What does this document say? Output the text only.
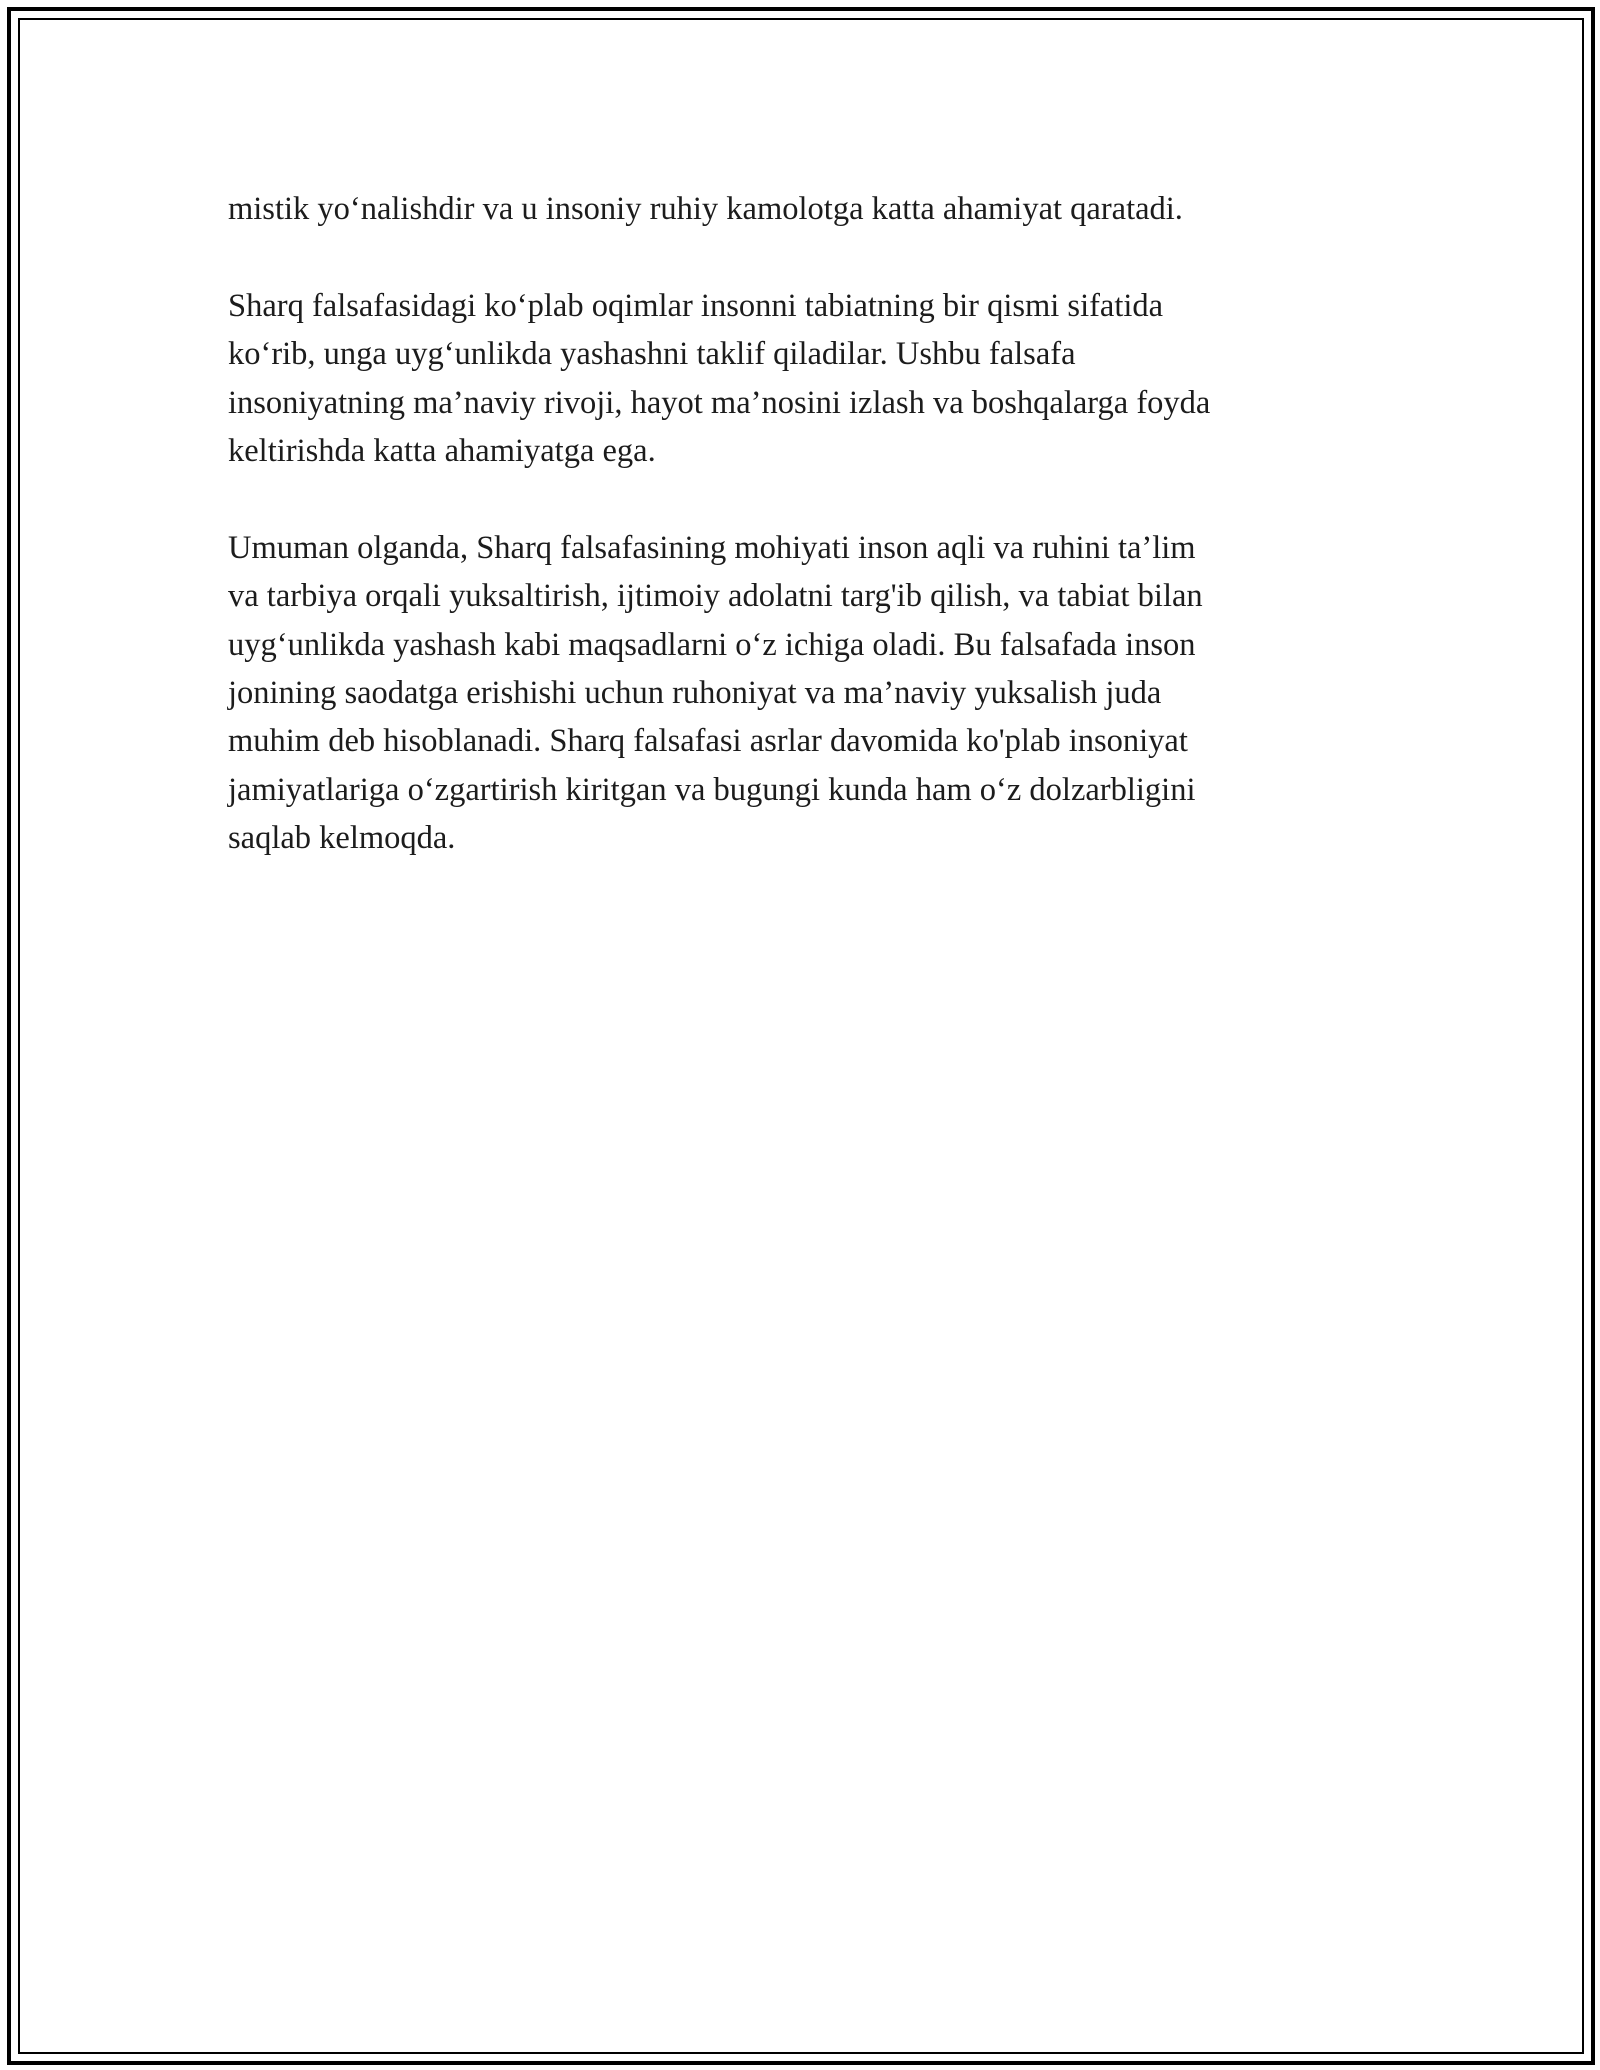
mistik yo‘nalishdir va u insoniy ruhiy kamolotga katta ahamiyat qaratadi.

Sharq falsafasidagi ko‘plab oqimlar insonni tabiatning bir qismi sifatida
ko‘rib, unga uyg‘unlikda yashashni taklif qiladilar. Ushbu falsafa
insoniyatning ma’naviy rivoji, hayot ma’nosini izlash va boshqalarga foyda
keltirishda katta ahamiyatga ega.

Umuman olganda, Sharq falsafasining mohiyati inson aqli va ruhini ta’lim
va tarbiya orqali yuksaltirish, ijtimoiy adolatni targ'ib qilish, va tabiat bilan
uyg‘unlikda yashash kabi maqsadlarni o‘z ichiga oladi. Bu falsafada inson
jonining saodatga erishishi uchun ruhoniyat va ma’naviy yuksalish juda
muhim deb hisoblanadi. Sharq falsafasi asrlar davomida ko'plab insoniyat
jamiyatlariga o‘zgartirish kiritgan va bugungi kunda ham o‘z dolzarbligini
saqlab kelmoqda.
